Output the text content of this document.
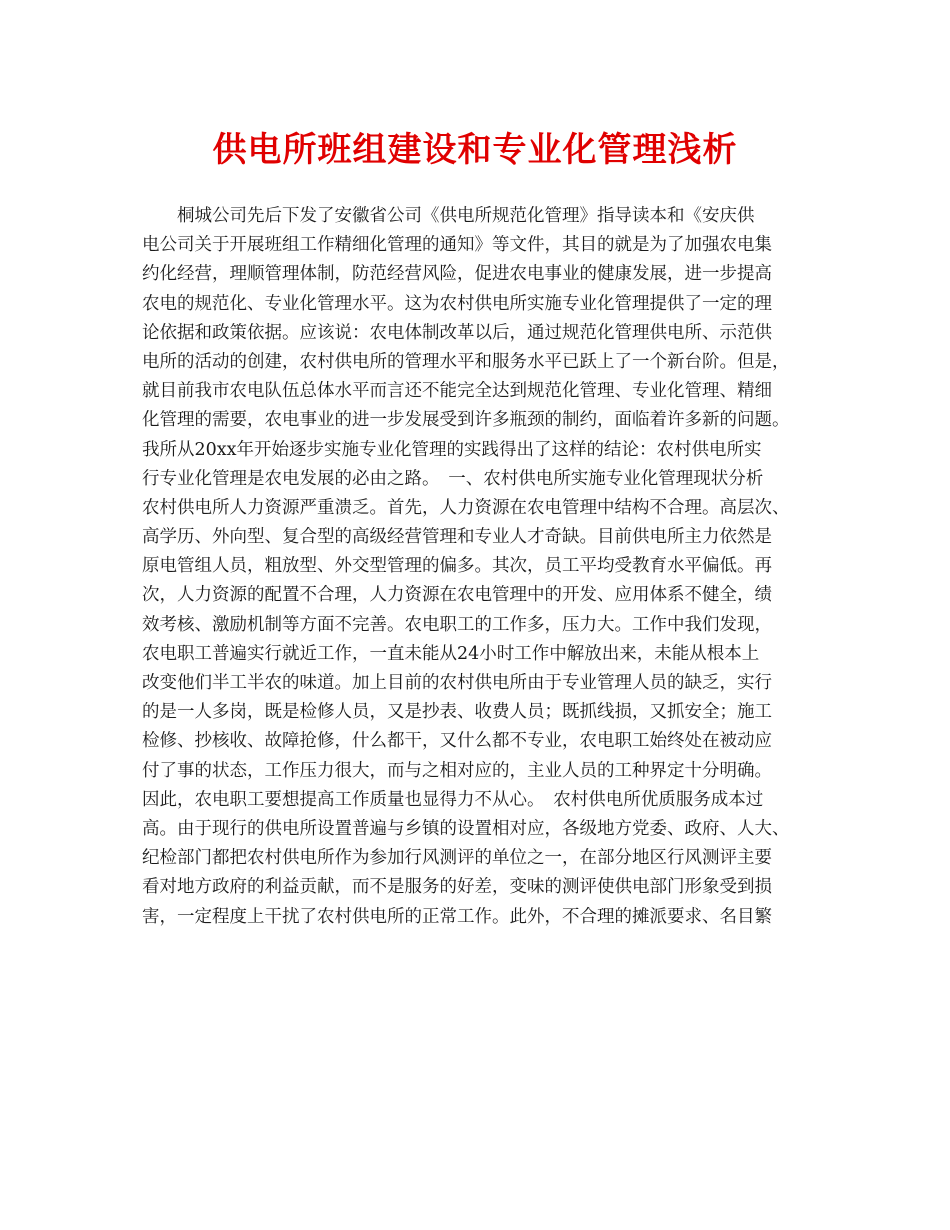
供电所班组建设和专业化管理浅析
　　桐城公司先后下发了安徽省公司《供电所规范化管理》指导读本和《安庆供
电公司关于开展班组工作精细化管理的通知》等文件，其目的就是为了加强农电集
约化经营，理顺管理体制，防范经营风险，促进农电事业的健康发展，进一步提高
农电的规范化、专业化管理水平。这为农村供电所实施专业化管理提供了一定的理
论依据和政策依据。应该说：农电体制改革以后，通过规范化管理供电所、示范供
电所的活动的创建，农村供电所的管理水平和服务水平已跃上了一个新台阶。但是，
就目前我市农电队伍总体水平而言还不能完全达到规范化管理、专业化管理、精细
化管理的需要，农电事业的进一步发展受到许多瓶颈的制约，面临着许多新的问题。
我所从20xx年开始逐步实施专业化管理的实践得出了这样的结论：农村供电所实
行专业化管理是农电发展的必由之路。　一、农村供电所实施专业化管理现状分析
农村供电所人力资源严重溃乏。首先，人力资源在农电管理中结构不合理。高层次、
高学历、外向型、复合型的高级经营管理和专业人才奇缺。目前供电所主力依然是
原电管组人员，粗放型、外交型管理的偏多。其次，员工平均受教育水平偏低。再
次，人力资源的配置不合理，人力资源在农电管理中的开发、应用体系不健全，绩
效考核、激励机制等方面不完善。农电职工的工作多，压力大。工作中我们发现，
农电职工普遍实行就近工作，一直未能从24小时工作中解放出来，未能从根本上
改变他们半工半农的味道。加上目前的农村供电所由于专业管理人员的缺乏，实行
的是一人多岗，既是检修人员，又是抄表、收费人员；既抓线损，又抓安全；施工
检修、抄核收、故障抢修，什么都干，又什么都不专业，农电职工始终处在被动应
付了事的状态，工作压力很大，而与之相对应的，主业人员的工种界定十分明确。
因此，农电职工要想提高工作质量也显得力不从心。　农村供电所优质服务成本过
高。由于现行的供电所设置普遍与乡镇的设置相对应，各级地方党委、政府、人大、
纪检部门都把农村供电所作为参加行风测评的单位之一，在部分地区行风测评主要
看对地方政府的利益贡献，而不是服务的好差，变味的测评使供电部门形象受到损
害，一定程度上干扰了农村供电所的正常工作。此外，不合理的摊派要求、名目繁
